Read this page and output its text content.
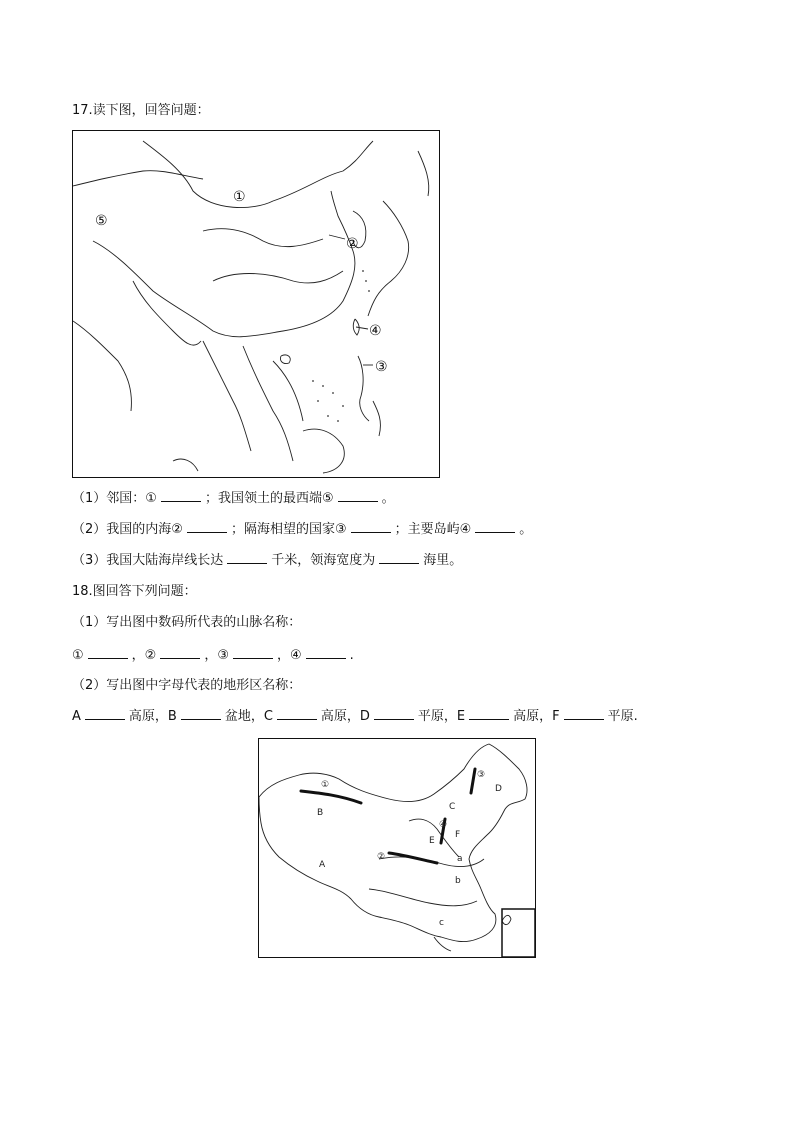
17.读下图，回答问题：
①
②
③
④
⑤
（1）邻国：①	；我国领土的最西端⑤	。
（2）我国的内海②	；隔海相望的国家③	；主要岛屿④	。
（3）我国大陆海岸线长达	千米，领海宽度为	海里。
18.图回答下列问题：
（1）写出图中数码所代表的山脉名称：
①	，②	，③	，④	.
（2）写出图中字母代表的地形区名称：
A	高原，B	盆地，C	高原，D	平原，E	高原，F	平原.
①
②
③
④
A
B
C
D
E
F
a
b
c
